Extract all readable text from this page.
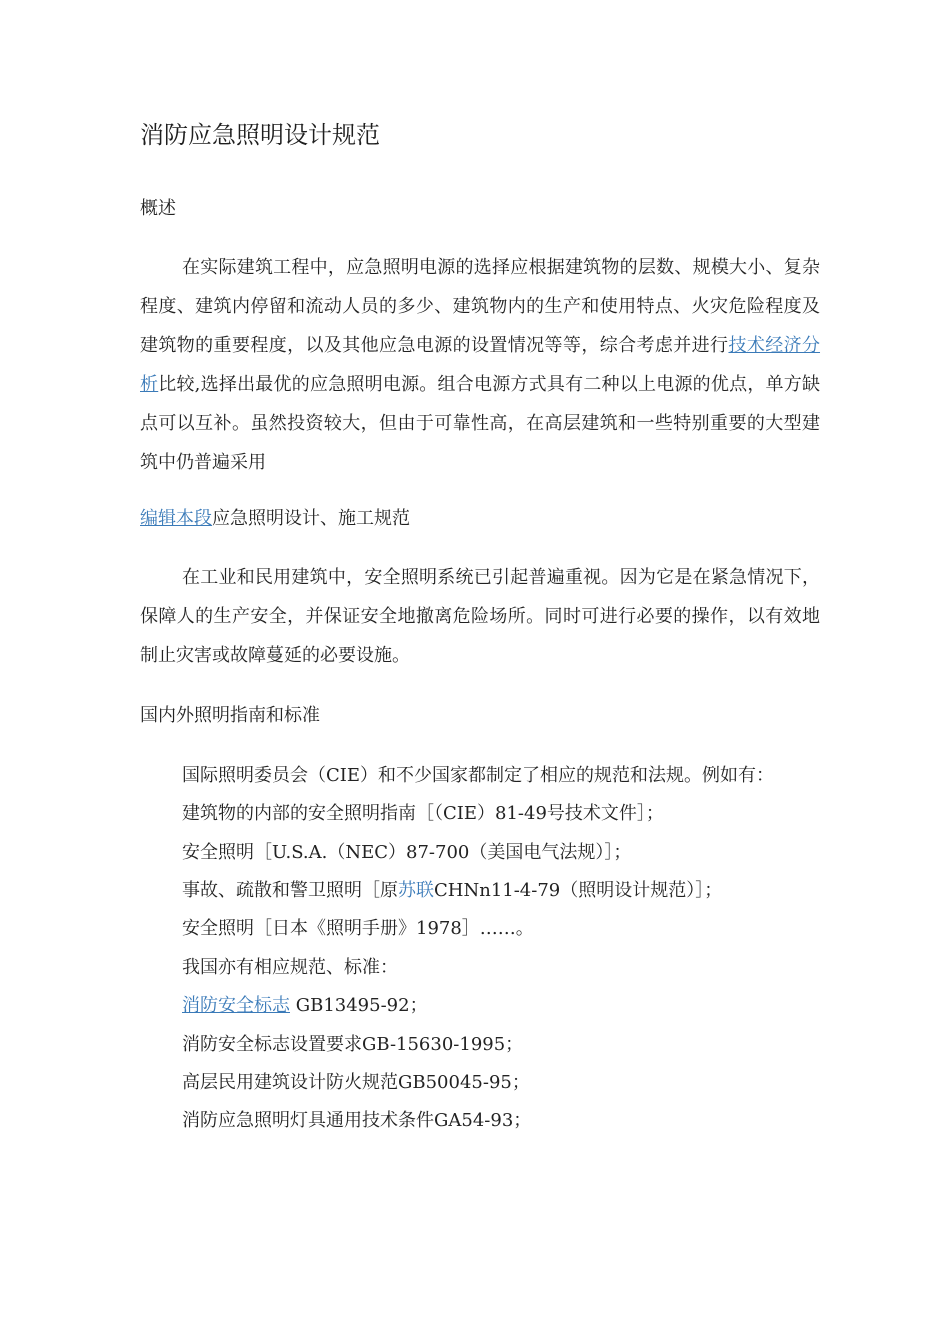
消防应急照明设计规范
概述
在实际建筑工程中，应急照明电源的选择应根据建筑物的层数、规模大小、复杂程度、建筑内停留和流动人员的多少、建筑物内的生产和使用特点、火灾危险程度及建筑物的重要程度，以及其他应急电源的设置情况等等，综合考虑并进行技术经济分析比较,选择出最优的应急照明电源。组合电源方式具有二种以上电源的优点，单方缺点可以互补。虽然投资较大，但由于可靠性高，在高层建筑和一些特别重要的大型建筑中仍普遍采用
编辑本段应急照明设计、施工规范
在工业和民用建筑中，安全照明系统已引起普遍重视。因为它是在紧急情况下，保障人的生产安全，并保证安全地撤离危险场所。同时可进行必要的操作，以有效地制止灾害或故障蔓延的必要设施。
国内外照明指南和标准
国际照明委员会（CIE）和不少国家都制定了相应的规范和法规。例如有：
建筑物的内部的安全照明指南［（CIE）81-49号技术文件］；
安全照明［U.S.A.（NEC）87-700（美国电气法规）］；
事故、疏散和警卫照明［原苏联CHNn11-4-79（照明设计规范）］；
安全照明［日本《照明手册》1978］……。
我国亦有相应规范、标准：
消防安全标志 GB13495-92；
消防安全标志设置要求GB-15630-1995；
高层民用建筑设计防火规范GB50045-95；
消防应急照明灯具通用技术条件GA54-93；
